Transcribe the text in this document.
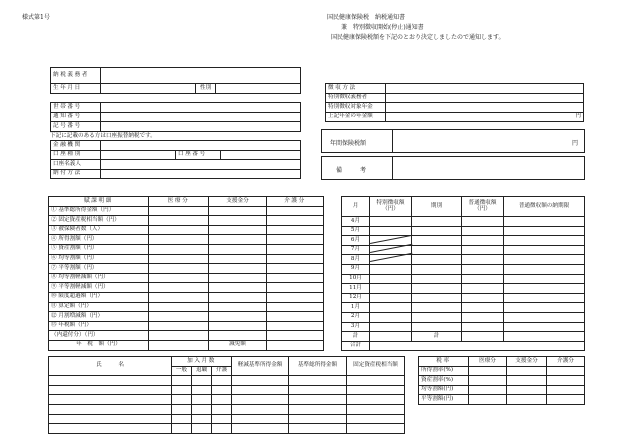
様式第1号	国民健康保険税　納税通知書
兼　特別徴収開始(停止)通知書
国民健康保険税額を下記のとおり決定しましたので通知します。
納税義務者			
生年月日		性別	
世帯番号	
通知番号	
記号番号	
下記に記載のある方は口座振替納税です。
金融機関			
口座種別		口座番号	
口座名義人			
納付方法			
徴収方法	
特別徴収義務者	
特別徴収対象年金	
上記年金の年金額	円
年間保険税額	円
備　　　考
賦課明細	医療分	支援金分	介護分
① 基準総所得金額（円）			
② 固定資産税相当額（円）			
③ 被保険者数（人）			
④ 所得割額（円）			
⑤ 資産割額（円）			
⑥ 均等割額（円）			
⑦ 平等割額（円）			
⑧ 均等割軽減額（円）			
⑨ 平等割軽減額（円）			
⑩ 限度超過額（円）			
⑪ 算定額（円）			
⑫ 月割増減額（円）			
⑬ 年税額（円）			
（内還付分）（円）			
年　税　額（円）		減免額	
月	特別徴収額（円）	期別	普通徴収額（円）	普通徴収額の納期限
4月				
5月				
6月				
7月				
8月				
9月				
10月				
11月				
12月				
1月				
2月				
3月				
計		計		
合計				
氏　　　名	加入月数			軽減基準所得金額	基準総所得金額	固定資産税相当額
	一般	退職	介護			

税率	医療分	支援金分	介護分
所得割率(%)			
資産割率(%)			
均等割額(円)			
平等割額(円)			
